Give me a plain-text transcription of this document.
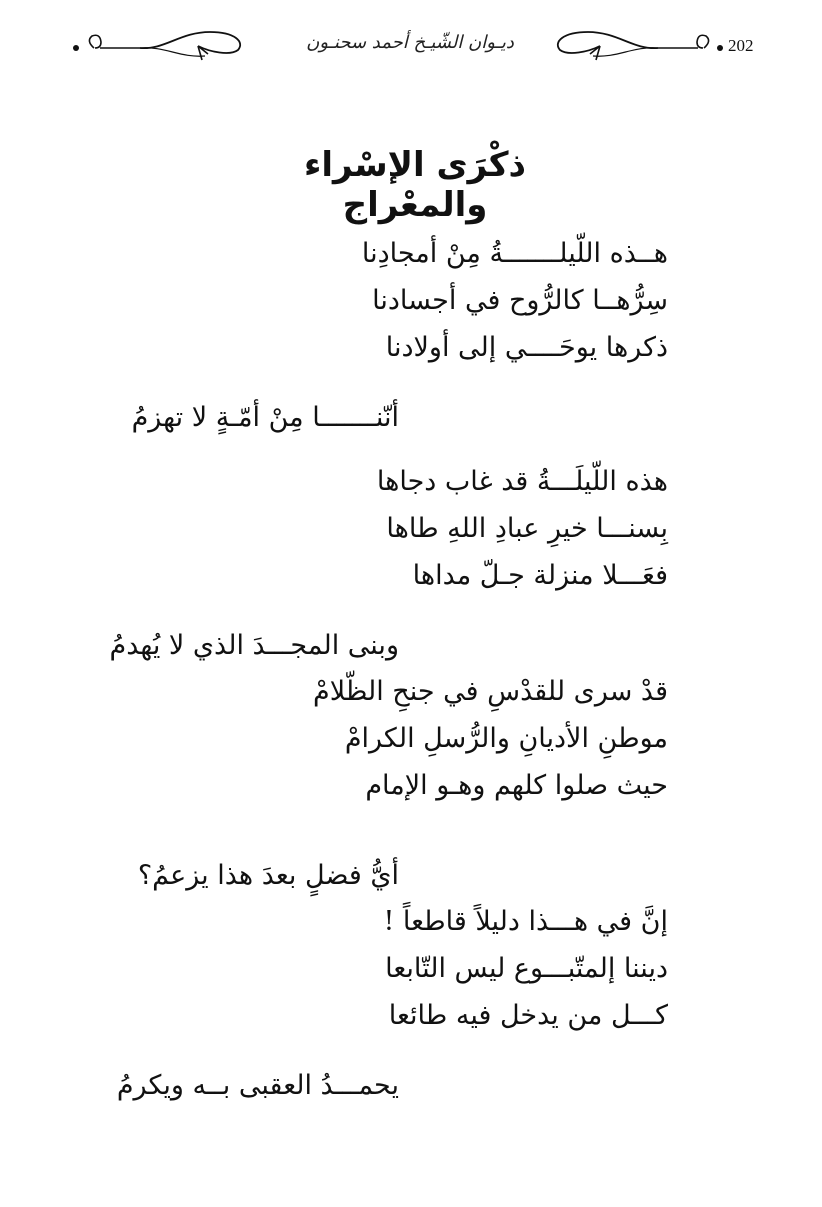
ديـوان الشّيـخ أحمد سحنـون	202
ذكْرَى الإسْراء والمعْراج
هــذه اللّيلـــــــةُ مِنْ أمجادِنا
سِرُّهــا كالرُّوح في أجسادنا
ذكرها يوحَــــي إلى أولادنا
أنّنـــــــا مِنْ أمّـةٍ لا تهزمُ
هذه اللّيلَـــةُ قد غاب دجاها
بِسنـــا خيرِ عبادِ اللهِ طاها
فعَـــلا منزلة جـلّ مداها
وبنى المجـــدَ الذي لا يُهدمُ
قدْ سرى للقدْسِ في جنحِ الظّلامْ
موطنِ الأديانِ والرُّسلِ الكرامْ
حيث صلوا كلهم وهـو الإمام
أيُّ فضلٍ بعدَ هذا يزعمُ؟
إنَّ في هـــذا دليلاً قاطعاً !
ديننا إلمتّبـــوع ليس التّابعا
كـــل من يدخل فيه طائعا
يحمـــدُ العقبى بــه ويكرمُ
